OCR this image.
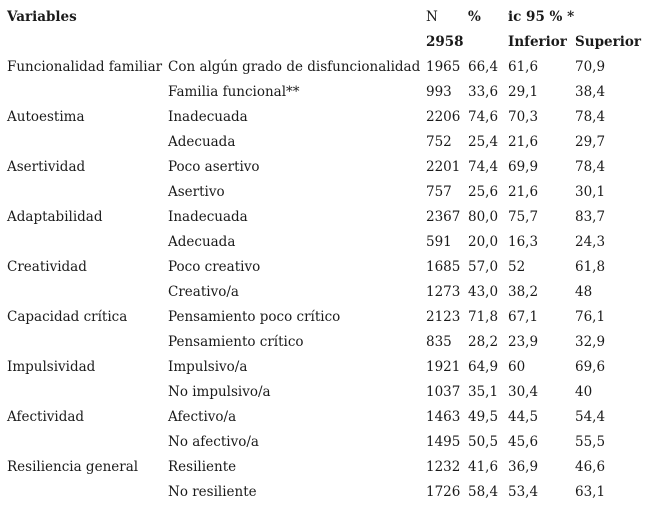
Variables		N	%	ic 95 % *	
		2958		Inferior	Superior
Funcionalidad familiar	Con algún grado de disfuncionalidad	1965	66,4	61,6	70,9
	Familia funcional**	993	33,6	29,1	38,4
Autoestima	Inadecuada	2206	74,6	70,3	78,4
	Adecuada	752	25,4	21,6	29,7
Asertividad	Poco asertivo	2201	74,4	69,9	78,4
	Asertivo	757	25,6	21,6	30,1
Adaptabilidad	Inadecuada	2367	80,0	75,7	83,7
	Adecuada	591	20,0	16,3	24,3
Creatividad	Poco creativo	1685	57,0	52	61,8
	Creativo/a	1273	43,0	38,2	48
Capacidad crítica	Pensamiento poco crítico	2123	71,8	67,1	76,1
	Pensamiento crítico	835	28,2	23,9	32,9
Impulsividad	Impulsivo/a	1921	64,9	60	69,6
	No impulsivo/a	1037	35,1	30,4	40
Afectividad	Afectivo/a	1463	49,5	44,5	54,4
	No afectivo/a	1495	50,5	45,6	55,5
Resiliencia general	Resiliente	1232	41,6	36,9	46,6
	No resiliente	1726	58,4	53,4	63,1
